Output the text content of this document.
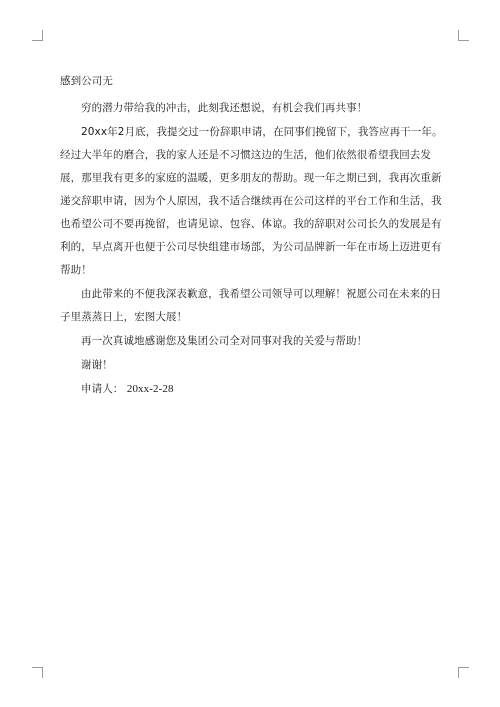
感到公司无

穷的潜力带给我的冲击，此刻我还想说，有机会我们再共事！

20xx年2月底，我提交过一份辞职申请，在同事们挽留下，我答应再干一年。经过大半年的磨合，我的家人还是不习惯这边的生活，他们依然很希望我回去发展，那里我有更多的家庭的温暖，更多朋友的帮助。现一年之期已到，我再次重新递交辞职申请，因为个人原因，我不适合继续再在公司这样的平台工作和生活，我也希望公司不要再挽留，也请见谅、包容、体谅。我的辞职对公司长久的发展是有利的，早点离开也便于公司尽快组建市场部，为公司品牌新一年在市场上迈进更有帮助！

由此带来的不便我深表歉意，我希望公司领导可以理解！祝愿公司在未来的日子里蒸蒸日上，宏图大展！

再一次真诚地感谢您及集团公司全对同事对我的关爱与帮助！

谢谢！

申请人： 20xx-2-28
